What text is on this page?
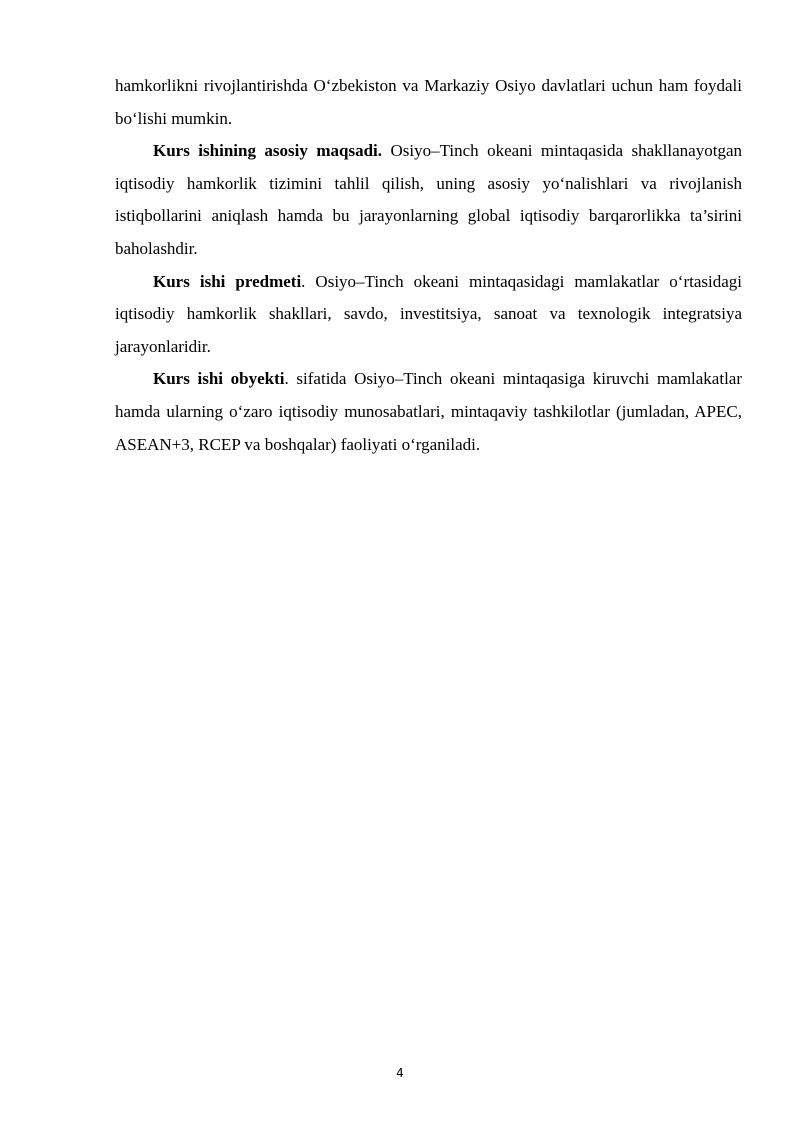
hamkorlikni rivojlantirishda O‘zbekiston va Markaziy Osiyo davlatlari uchun ham foydali bo‘lishi mumkin.

Kurs ishining asosiy maqsadi. Osiyo–Tinch okeani mintaqasida shakllanayotgan iqtisodiy hamkorlik tizimini tahlil qilish, uning asosiy yo‘nalishlari va rivojlanish istiqbollarini aniqlash hamda bu jarayonlarning global iqtisodiy barqarorlikka ta’sirini baholashdir.

Kurs ishi predmeti. Osiyo–Tinch okeani mintaqasidagi mamlakatlar o‘rtasidagi iqtisodiy hamkorlik shakllari, savdo, investitsiya, sanoat va texnologik integratsiya jarayonlaridir.

Kurs ishi obyekti. sifatida Osiyo–Tinch okeani mintaqasiga kiruvchi mamlakatlar hamda ularning o‘zaro iqtisodiy munosabatlari, mintaqaviy tashkilotlar (jumladan, APEC, ASEAN+3, RCEP va boshqalar) faoliyati o‘rganiladi.

4
